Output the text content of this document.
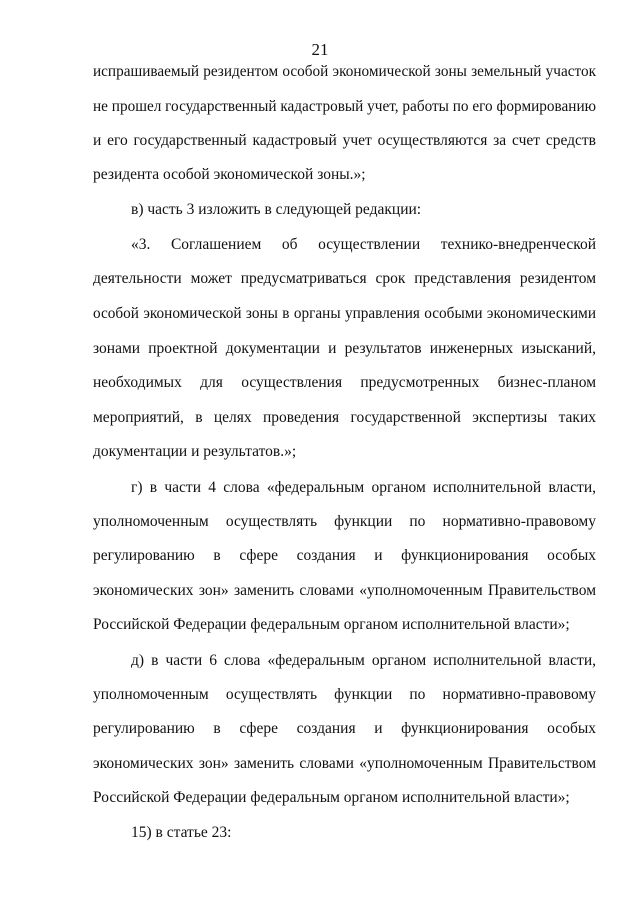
21
испрашиваемый резидентом особой экономической зоны земельный участок
не прошел государственный кадастровый учет, работы по его формированию
и его государственный кадастровый учет осуществляются за счет средств
резидента особой экономической зоны.»;
в) часть 3 изложить в следующей редакции:
«3. Соглашением об осуществлении технико-внедренческой
деятельности может предусматриваться срок представления резидентом
особой экономической зоны в органы управления особыми экономическими
зонами проектной документации и результатов инженерных изысканий,
необходимых для осуществления предусмотренных бизнес-планом
мероприятий, в целях проведения государственной экспертизы таких
документации и результатов.»;
г) в части 4 слова «федеральным органом исполнительной власти,
уполномоченным осуществлять функции по нормативно-правовому
регулированию в сфере создания и функционирования особых
экономических зон» заменить словами «уполномоченным Правительством
Российской Федерации федеральным органом исполнительной власти»;
д) в части 6 слова «федеральным органом исполнительной власти,
уполномоченным осуществлять функции по нормативно-правовому
регулированию в сфере создания и функционирования особых
экономических зон» заменить словами «уполномоченным Правительством
Российской Федерации федеральным органом исполнительной власти»;
15) в статье 23:
